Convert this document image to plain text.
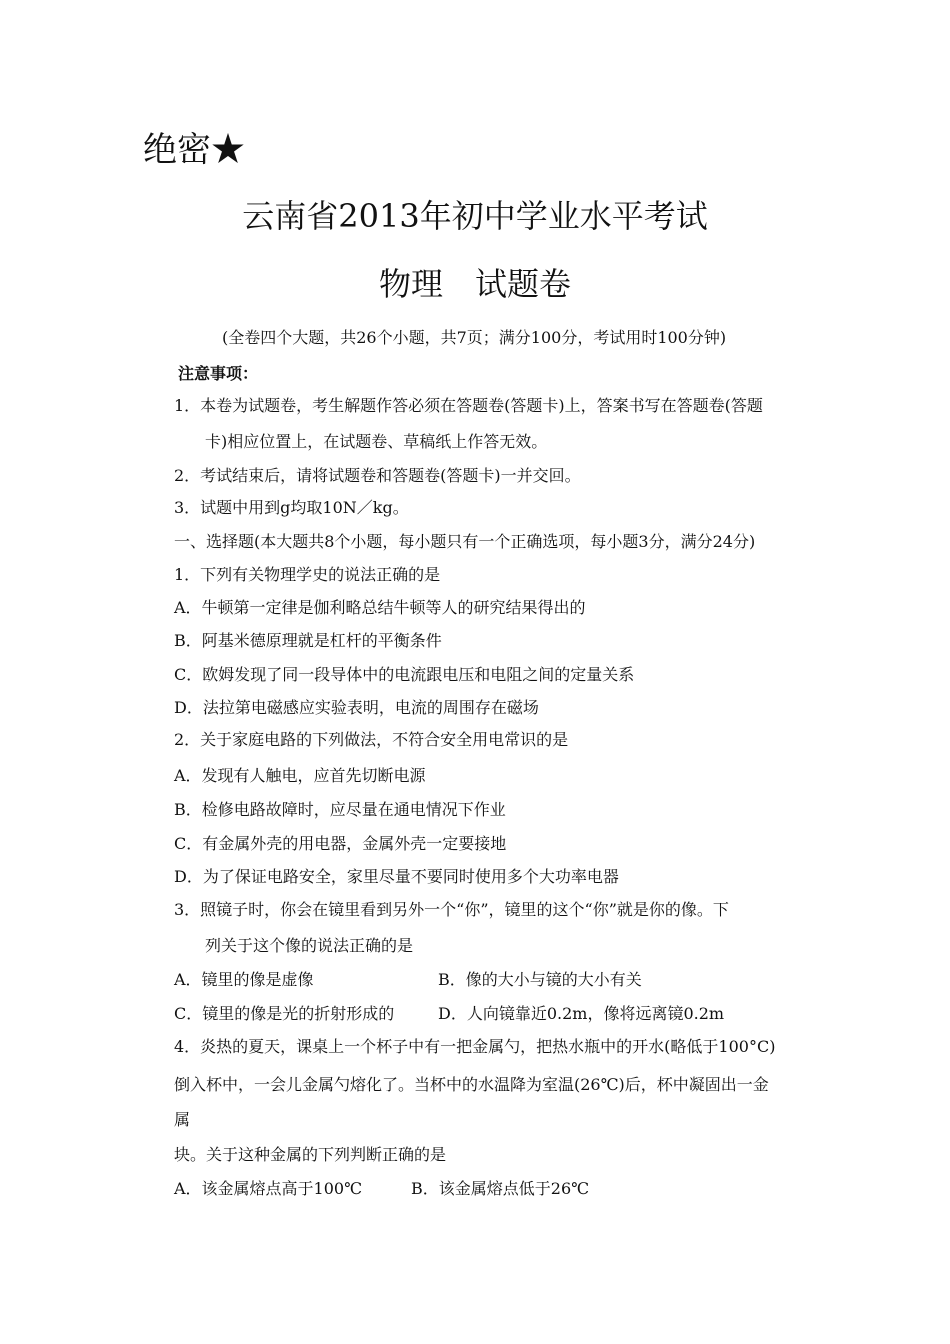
绝密★
云南省2013年初中学业水平考试
物理　试题卷
(全卷四个大题，共26个小题，共7页；满分100分，考试用时100分钟)
注意事项：
1．本卷为试题卷，考生解题作答必须在答题卷(答题卡)上，答案书写在答题卷(答题
卡)相应位置上，在试题卷、草稿纸上作答无效。
2．考试结束后，请将试题卷和答题卷(答题卡)一并交回。
3．试题中用到g均取10N／kg。
一、选择题(本大题共8个小题，每小题只有一个正确选项，每小题3分，满分24分)
1．下列有关物理学史的说法正确的是
A．牛顿第一定律是伽利略总结牛顿等人的研究结果得出的
B．阿基米德原理就是杠杆的平衡条件
C．欧姆发现了同一段导体中的电流跟电压和电阻之间的定量关系
D．法拉第电磁感应实验表明，电流的周围存在磁场
2．关于家庭电路的下列做法，不符合安全用电常识的是
A．发现有人触电，应首先切断电源
B．检修电路故障时，应尽量在通电情况下作业
C．有金属外壳的用电器，金属外壳一定要接地
D．为了保证电路安全，家里尽量不要同时使用多个大功率电器
3．照镜子时，你会在镜里看到另外一个“你”，镜里的这个“你”就是你的像。下
列关于这个像的说法正确的是
A．镜里的像是虚像	B．像的大小与镜的大小有关
C．镜里的像是光的折射形成的	D．人向镜靠近0.2m，像将远离镜0.2m
4．炎热的夏天，课桌上一个杯子中有一把金属勺，把热水瓶中的开水(略低于100°C)
倒入杯中，一会儿金属勺熔化了。当杯中的水温降为室温(26℃)后，杯中凝固出一金
属
块。关于这种金属的下列判断正确的是
A．该金属熔点高于100℃	B．该金属熔点低于26℃
